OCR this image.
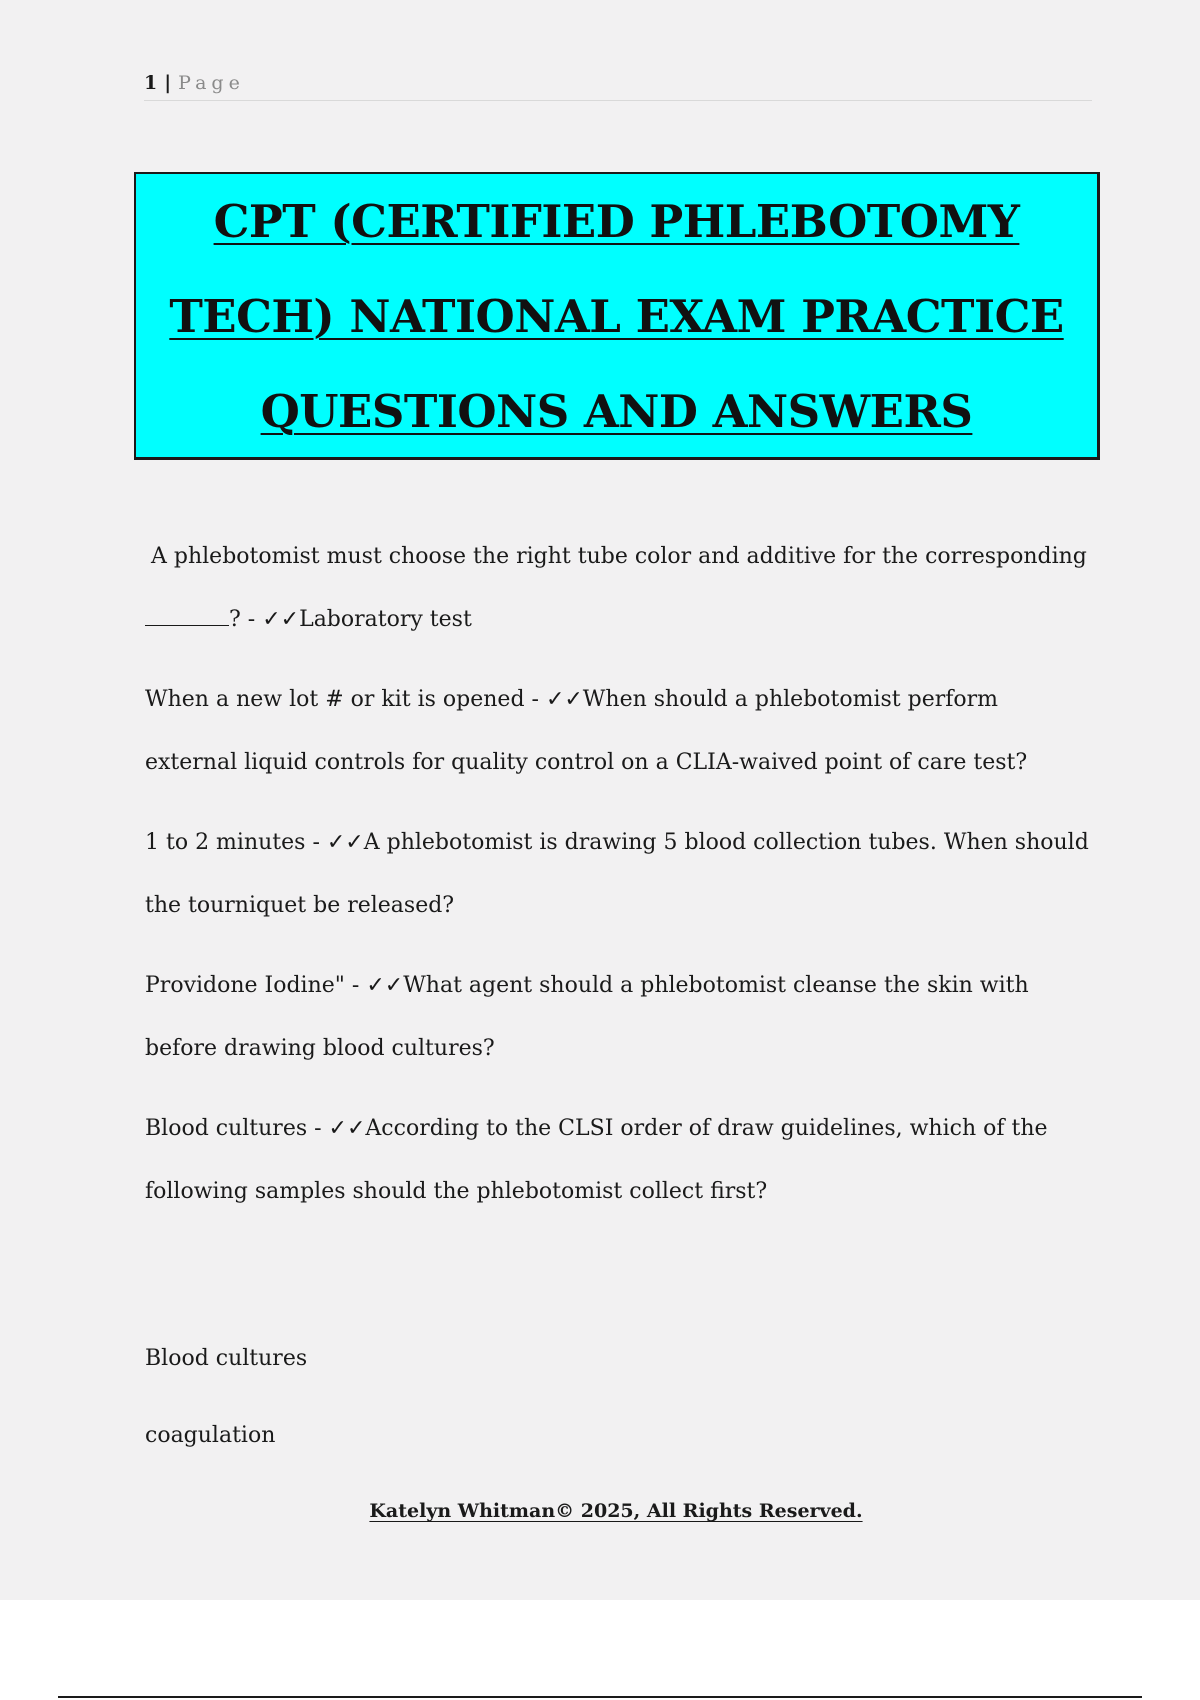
1 | Page
CPT (CERTIFIED PHLEBOTOMY
TECH) NATIONAL EXAM PRACTICE
QUESTIONS AND ANSWERS

A phlebotomist must choose the right tube color and additive for the corresponding ? - ✓✓Laboratory test

When a new lot # or kit is opened - ✓✓When should a phlebotomist perform external liquid controls for quality control on a CLIA-waived point of care test?

1 to 2 minutes - ✓✓A phlebotomist is drawing 5 blood collection tubes. When should the tourniquet be released?

Providone Iodine" - ✓✓What agent should a phlebotomist cleanse the skin with before drawing blood cultures?

Blood cultures - ✓✓According to the CLSI order of draw guidelines, which of the following samples should the phlebotomist collect first?

Blood cultures
coagulation
Katelyn Whitman© 2025, All Rights Reserved.
